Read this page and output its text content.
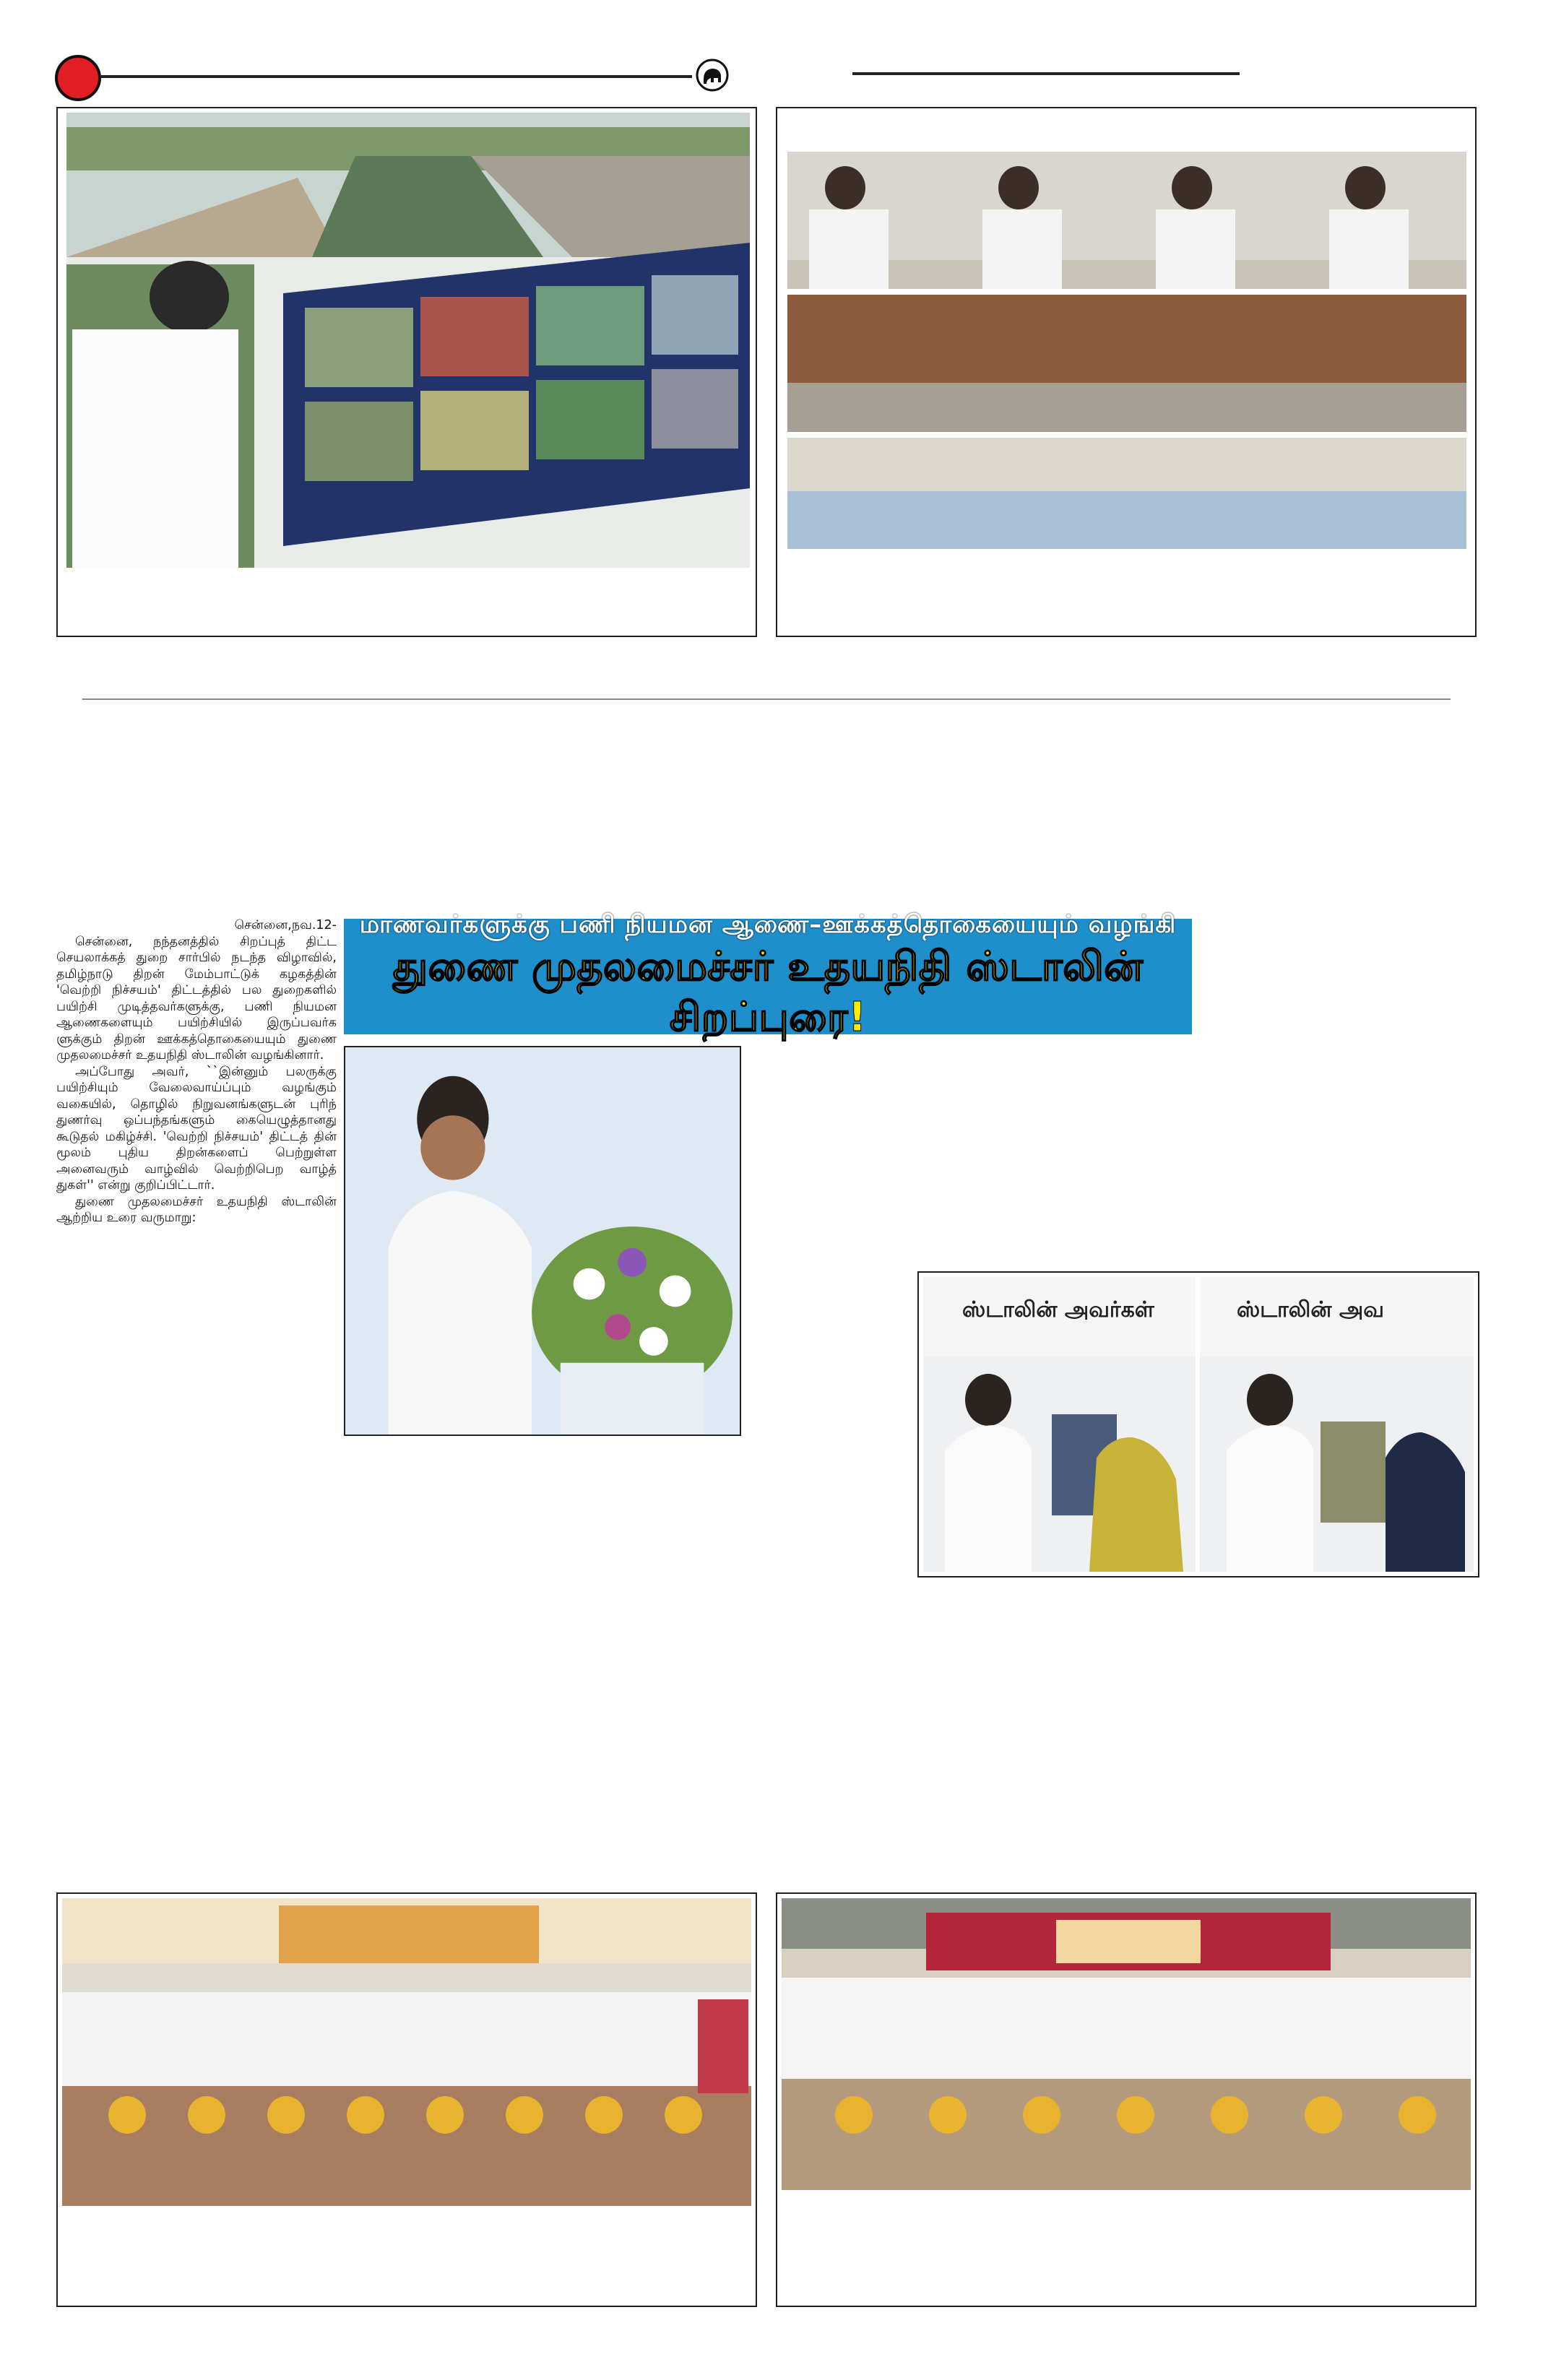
சென்னை,நவ.12-

சென்னை, நந்தனத்தில் சிறப்புத் திட்ட செயலாக்கத் துறை சார்பில் நடந்த விழாவில், தமிழ்நாடு திறன் மேம்பாட்டுக் கழகத்தின் 'வெற்றி நிச்சயம்' திட்டத்தில் பல துறைகளில் பயிற்சி முடித்தவர்களுக்கு, பணி நியமன ஆணைகளையும் பயிற்சியில் இருப்பவர்க ளுக்கும் திறன் ஊக்கத்தொகையையும் துணை முதலமைச்சர் உதயநிதி ஸ்டாலின் வழங்கினார்.

அப்போது அவர், ``இன்னும் பலருக்கு பயிற்சியும் வேலைவாய்ப்பும் வழங்கும் வகையில், தொழில் நிறுவனங்களுடன் புரிந் துணர்வு ஒப்பந்தங்களும் கையெழுத்தானது கூடுதல் மகிழ்ச்சி. 'வெற்றி நிச்சயம்' திட்டத் தின் மூலம் புதிய திறன்களைப் பெற்றுள்ள அனைவரும் வாழ்வில் வெற்றிபெற வாழ்த் துகள்'' என்று குறிப்பிட்டார்.

துணை முதலமைச்சர் உதயநிதி ஸ்டாலின் ஆற்றிய உரை வருமாறு:

மாணவர்களுக்கு பணி நியமன ஆணை–ஊக்கத்தொகையையும் வழங்கி
துணை முதலமைச்சர் உதயநிதி ஸ்டாலின் சிறப்புரை!
ஸ்டாலின் அவர்கள்	ஸ்டாலின் அவ
